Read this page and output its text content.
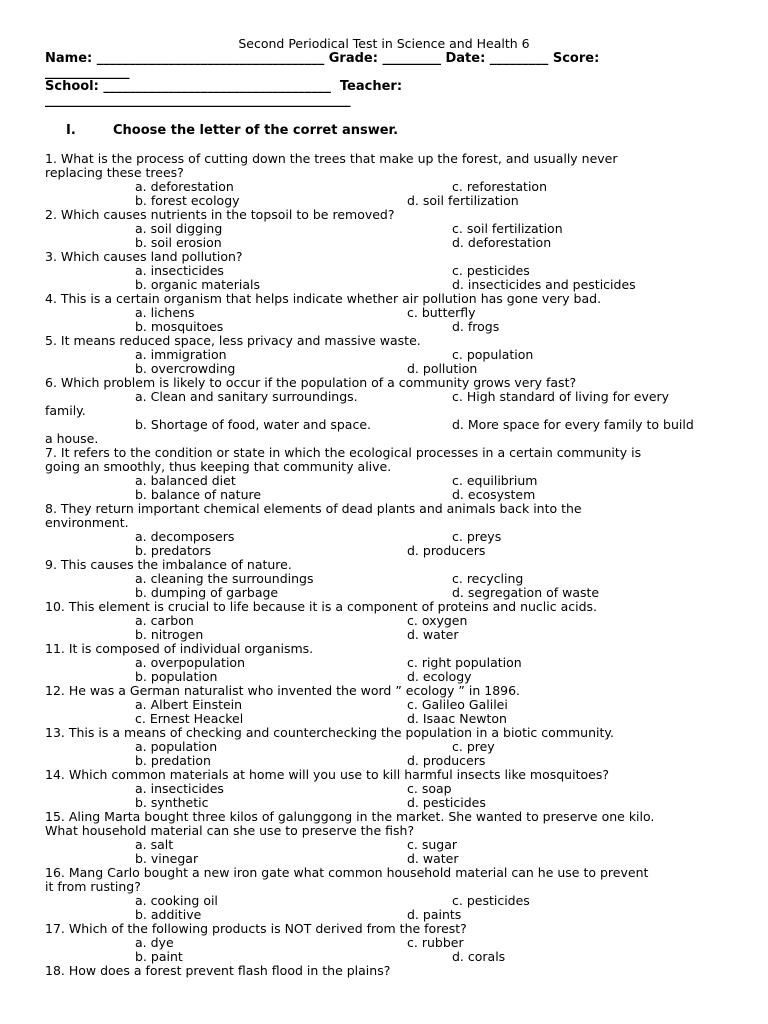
Second Periodical Test in Science and Health 6
Name: ___________________________________ Grade: _________ Date: _________ Score:
_____________
School: ___________________________________  Teacher:
_______________________________________________
I.	Choose the letter of the corret answer.
1. What is the process of cutting down the trees that make up the forest, and usually never
replacing these trees?
a. deforestation	c. reforestation
b. forest ecology	d. soil fertilization
2. Which causes nutrients in the topsoil to be removed?
a. soil digging	c. soil fertilization
b. soil erosion	d. deforestation
3. Which causes land pollution?
a. insecticides	c. pesticides
b. organic materials	d. insecticides and pesticides
4. This is a certain organism that helps indicate whether air pollution has gone very bad.
a. lichens	c. butterfly
b. mosquitoes	d. frogs
5. It means reduced space, less privacy and massive waste.
a. immigration	c. population
b. overcrowding	d. pollution
6. Which problem is likely to occur if the population of a community grows very fast?
a. Clean and sanitary surroundings.	c. High standard of living for every
family.
b. Shortage of food, water and space.	d. More space for every family to build
a house.
7. It refers to the condition or state in which the ecological processes in a certain community is
going an smoothly, thus keeping that community alive.
a. balanced diet	c. equilibrium
b. balance of nature	d. ecosystem
8. They return important chemical elements of dead plants and animals back into the
environment.
a. decomposers	c. preys
b. predators	d. producers
9. This causes the imbalance of nature.
a. cleaning the surroundings	c. recycling
b. dumping of garbage	d. segregation of waste
10. This element is crucial to life because it is a component of proteins and nuclic acids.
a. carbon	c. oxygen
b. nitrogen	d. water
11. It is composed of individual organisms.
a. overpopulation	c. right population
b. population	d. ecology
12. He was a German naturalist who invented the word ” ecology ” in 1896.
a. Albert Einstein	c. Galileo Galilei
c. Ernest Heackel	d. Isaac Newton
13. This is a means of checking and counterchecking the population in a biotic community.
a. population	c. prey
b. predation	d. producers
14. Which common materials at home will you use to kill harmful insects like mosquitoes?
a. insecticides	c. soap
b. synthetic	d. pesticides
15. Aling Marta bought three kilos of galunggong in the market. She wanted to preserve one kilo.
What household material can she use to preserve the fish?
a. salt	c. sugar
b. vinegar	d. water
16. Mang Carlo bought a new iron gate what common household material can he use to prevent
it from rusting?
a. cooking oil	c. pesticides
b. additive	d. paints
17. Which of the following products is NOT derived from the forest?
a. dye	c. rubber
b. paint	d. corals
18. How does a forest prevent flash flood in the plains?
